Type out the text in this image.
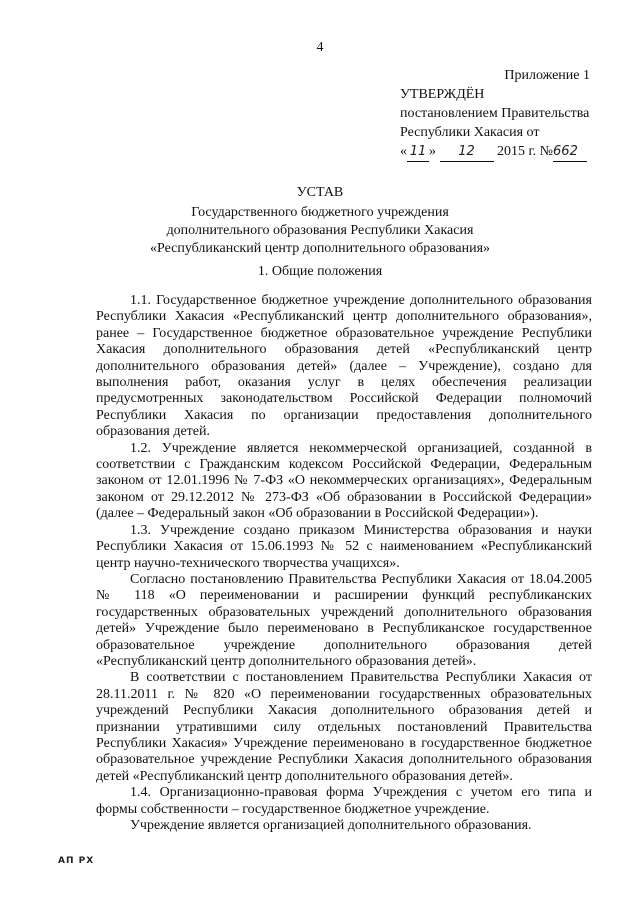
4
Приложение 1
УТВЕРЖДЁН
постановлением Правительства
Республики Хакасия от
« 11 » 12 2015 г. №662
УСТАВ
Государственного бюджетного учреждения
дополнительного образования Республики Хакасия
«Республиканский центр дополнительного образования»
1. Общие положения

1.1. Государственное бюджетное учреждение дополнительного образования Республики Хакасия «Республиканский центр дополнительного образования», ранее – Государственное бюджетное образовательное учреждение Республики Хакасия дополнительного образования детей «Республиканский центр дополнительного образования детей» (далее – Учреждение), создано для выполнения работ, оказания услуг в целях обеспечения реализации предусмотренных законодательством Российской Федерации полномочий Республики Хакасия по организации предоставления дополнительного образования детей.

1.2. Учреждение является некоммерческой организацией, созданной в соответствии с Гражданским кодексом Российской Федерации, Федеральным законом от 12.01.1996 № 7-ФЗ «О некоммерческих организациях», Федеральным законом от 29.12.2012 № 273-ФЗ «Об образовании в Российской Федерации» (далее – Федеральный закон «Об образовании в Российской Федерации»).

1.3. Учреждение создано приказом Министерства образования и науки Республики Хакасия от 15.06.1993 № 52 с наименованием «Республиканский центр научно-технического творчества учащихся».

Согласно постановлению Правительства Республики Хакасия от 18.04.2005 № 118 «О переименовании и расширении функций республиканских государственных образовательных учреждений дополнительного образования детей» Учреждение было переименовано в Республиканское государственное образовательное учреждение дополнительного образования детей «Республиканский центр дополнительного образования детей».

В соответствии с постановлением Правительства Республики Хакасия от 28.11.2011 г. № 820 «О переименовании государственных образовательных учреждений Республики Хакасия дополнительного образования детей и признании утратившими силу отдельных постановлений Правительства Республики Хакасия» Учреждение переименовано в государственное бюджетное образовательное учреждение Республики Хакасия дополнительного образования детей «Республиканский центр дополнительного образования детей».

1.4. Организационно-правовая форма Учреждения с учетом его типа и формы собственности – государственное бюджетное учреждение.

Учреждение является организацией дополнительного образования.

АП РХ
